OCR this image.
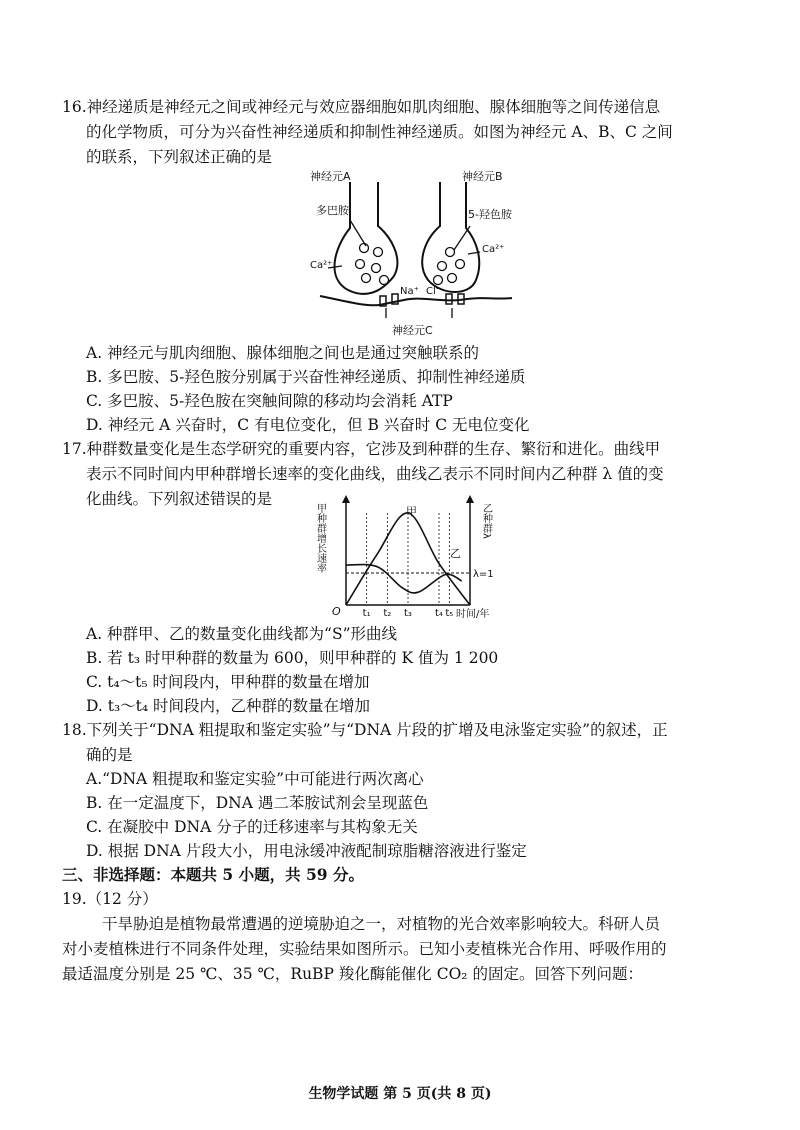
16.神经递质是神经元之间或神经元与效应器细胞如肌肉细胞、腺体细胞等之间传递信息
的化学物质，可分为兴奋性神经递质和抑制性神经递质。如图为神经元 A、B、C 之间
的联系，下列叙述正确的是
神经元A	神经元B
多巴胺	5-羟色胺
Ca²⁺
Ca²⁺
Na⁺ Cl⁻
神经元C
A. 神经元与肌肉细胞、腺体细胞之间也是通过突触联系的
B. 多巴胺、5-羟色胺分别属于兴奋性神经递质、抑制性神经递质
C. 多巴胺、5-羟色胺在突触间隙的移动均会消耗 ATP
D. 神经元 A 兴奋时，C 有电位变化，但 B 兴奋时 C 无电位变化
17.种群数量变化是生态学研究的重要内容，它涉及到种群的生存、繁衍和进化。曲线甲
表示不同时间内甲种群增长速率的变化曲线，曲线乙表示不同时间内乙种群 λ 值的变
化曲线。下列叙述错误的是
λ=1
甲
乙
t₁ t₂ t₃ t₄ t₅
O	时间/年
甲种群增长速率	乙种群λ
A. 种群甲、乙的数量变化曲线都为“S”形曲线
B. 若 t₃ 时甲种群的数量为 600，则甲种群的 K 值为 1 200
C. t₄～t₅ 时间段内，甲种群的数量在增加
D. t₃～t₄ 时间段内，乙种群的数量在增加
18.下列关于“DNA 粗提取和鉴定实验”与“DNA 片段的扩增及电泳鉴定实验”的叙述，正
确的是
A.“DNA 粗提取和鉴定实验”中可能进行两次离心
B. 在一定温度下，DNA 遇二苯胺试剂会呈现蓝色
C. 在凝胶中 DNA 分子的迁移速率与其构象无关
D. 根据 DNA 片段大小，用电泳缓冲液配制琼脂糖溶液进行鉴定
三、非选择题：本题共 5 小题，共 59 分。
19.（12 分）
干旱胁迫是植物最常遭遇的逆境胁迫之一，对植物的光合效率影响较大。科研人员
对小麦植株进行不同条件处理，实验结果如图所示。已知小麦植株光合作用、呼吸作用的
最适温度分别是 25 ℃、35 ℃，RuBP 羧化酶能催化 CO₂ 的固定。回答下列问题：
生物学试题 第 5 页(共 8 页)
